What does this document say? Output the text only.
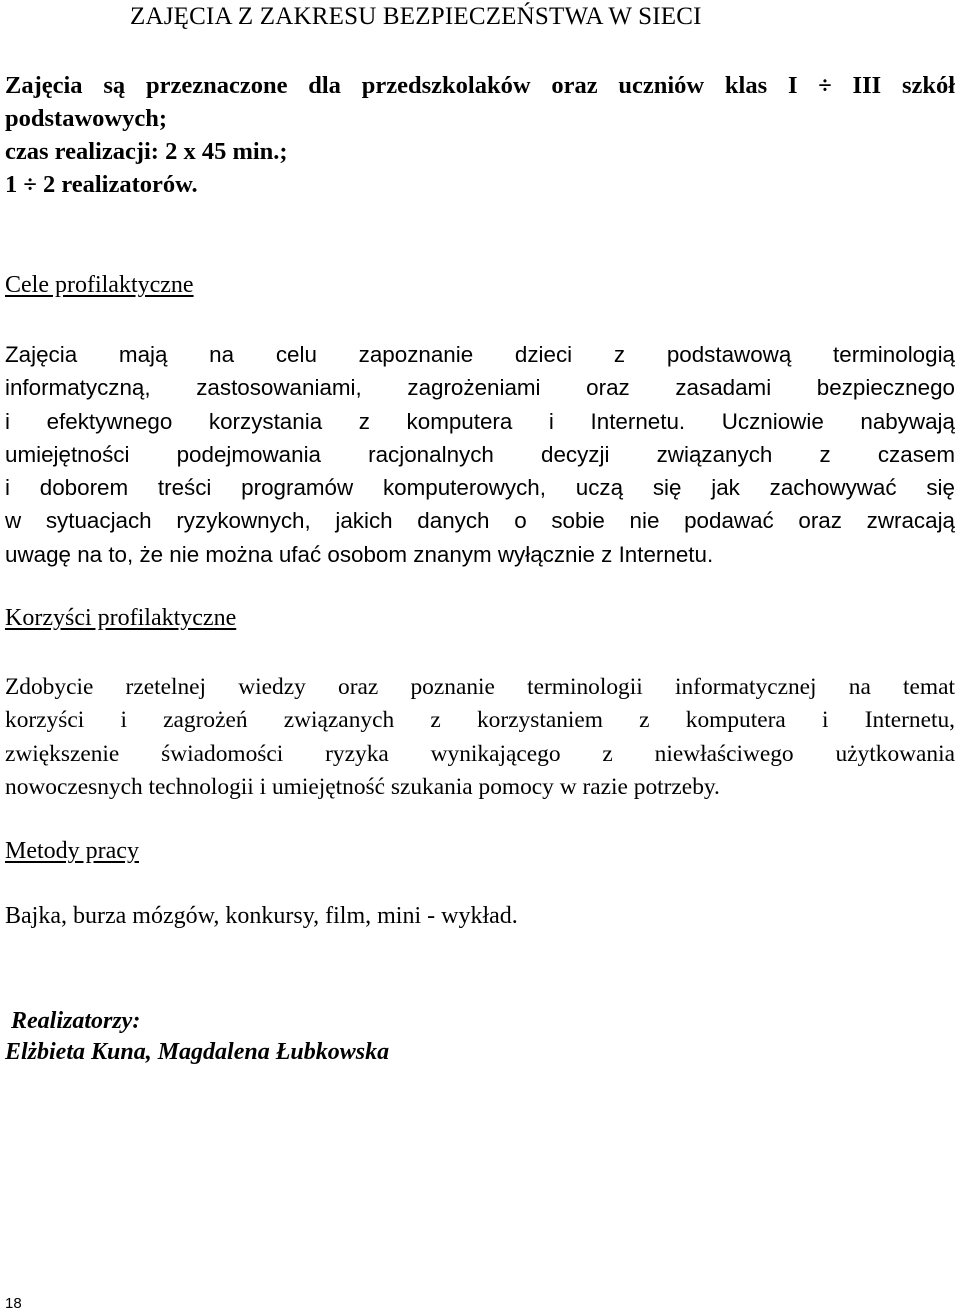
ZAJĘCIA Z ZAKRESU BEZPIECZEŃSTWA W SIECI
Zajęcia są przeznaczone dla przedszkolaków oraz uczniów klas I ÷ III szkół
podstawowych;
czas realizacji: 2 x 45 min.;
1 ÷ 2 realizatorów.
Cele profilaktyczne
Zajęcia mają na celu zapoznanie dzieci z podstawową terminologią
informatyczną, zastosowaniami, zagrożeniami oraz zasadami bezpiecznego
i efektywnego korzystania z komputera i Internetu. Uczniowie nabywają
umiejętności podejmowania racjonalnych decyzji związanych z czasem
i doborem treści programów komputerowych, uczą się jak zachowywać się
w sytuacjach ryzykownych, jakich danych o sobie nie podawać oraz zwracają
uwagę na to, że nie można ufać osobom znanym wyłącznie z Internetu.
Korzyści profilaktyczne
Zdobycie rzetelnej wiedzy oraz poznanie terminologii informatycznej na temat
korzyści i zagrożeń związanych z korzystaniem z komputera i Internetu,
zwiększenie świadomości ryzyka wynikającego z niewłaściwego użytkowania
nowoczesnych technologii i umiejętność szukania pomocy w razie potrzeby.
Metody pracy

Bajka, burza mózgów, konkursy, film, mini - wykład.

Realizatorzy:

Elżbieta Kuna, Magdalena Łubkowska

18
